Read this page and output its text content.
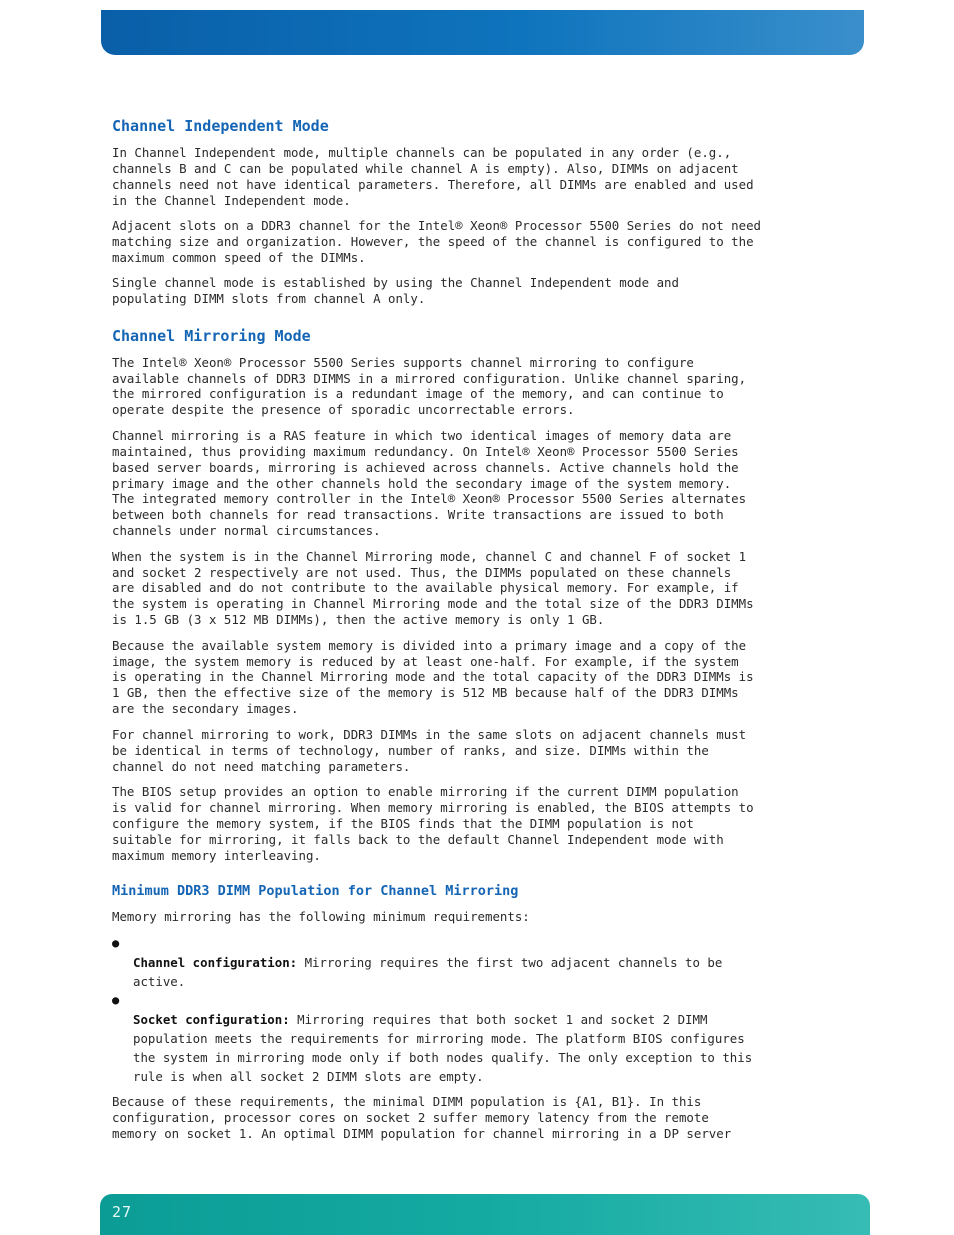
Channel Independent Mode

In Channel Independent mode, multiple channels can be populated in any order (e.g.,
channels B and C can be populated while channel A is empty). Also, DIMMs on adjacent
channels need not have identical parameters. Therefore, all DIMMs are enabled and used
in the Channel Independent mode.

Adjacent slots on a DDR3 channel for the Intel® Xeon® Processor 5500 Series do not need
matching size and organization. However, the speed of the channel is configured to the
maximum common speed of the DIMMs.

Single channel mode is established by using the Channel Independent mode and
populating DIMM slots from channel A only.

Channel Mirroring Mode

The Intel® Xeon® Processor 5500 Series supports channel mirroring to configure
available channels of DDR3 DIMMS in a mirrored configuration. Unlike channel sparing,
the mirrored configuration is a redundant image of the memory, and can continue to
operate despite the presence of sporadic uncorrectable errors.

Channel mirroring is a RAS feature in which two identical images of memory data are
maintained, thus providing maximum redundancy. On Intel® Xeon® Processor 5500 Series
based server boards, mirroring is achieved across channels. Active channels hold the
primary image and the other channels hold the secondary image of the system memory.
The integrated memory controller in the Intel® Xeon® Processor 5500 Series alternates
between both channels for read transactions. Write transactions are issued to both
channels under normal circumstances.

When the system is in the Channel Mirroring mode, channel C and channel F of socket 1
and socket 2 respectively are not used. Thus, the DIMMs populated on these channels
are disabled and do not contribute to the available physical memory. For example, if
the system is operating in Channel Mirroring mode and the total size of the DDR3 DIMMs
is 1.5 GB (3 x 512 MB DIMMs), then the active memory is only 1 GB.

Because the available system memory is divided into a primary image and a copy of the
image, the system memory is reduced by at least one-half. For example, if the system
is operating in the Channel Mirroring mode and the total capacity of the DDR3 DIMMs is
1 GB, then the effective size of the memory is 512 MB because half of the DDR3 DIMMs
are the secondary images.

For channel mirroring to work, DDR3 DIMMs in the same slots on adjacent channels must
be identical in terms of technology, number of ranks, and size. DIMMs within the
channel do not need matching parameters.

The BIOS setup provides an option to enable mirroring if the current DIMM population
is valid for channel mirroring. When memory mirroring is enabled, the BIOS attempts to
configure the memory system, if the BIOS finds that the DIMM population is not
suitable for mirroring, it falls back to the default Channel Independent mode with
maximum memory interleaving.

Minimum DDR3 DIMM Population for Channel Mirroring

Memory mirroring has the following minimum requirements:

●
Channel configuration: Mirroring requires the first two adjacent channels to be
active.

●
Socket configuration: Mirroring requires that both socket 1 and socket 2 DIMM
population meets the requirements for mirroring mode. The platform BIOS configures
the system in mirroring mode only if both nodes qualify. The only exception to this
rule is when all socket 2 DIMM slots are empty.

Because of these requirements, the minimal DIMM population is {A1, B1}. In this
configuration, processor cores on socket 2 suffer memory latency from the remote
memory on socket 1. An optimal DIMM population for channel mirroring in a DP server

27
